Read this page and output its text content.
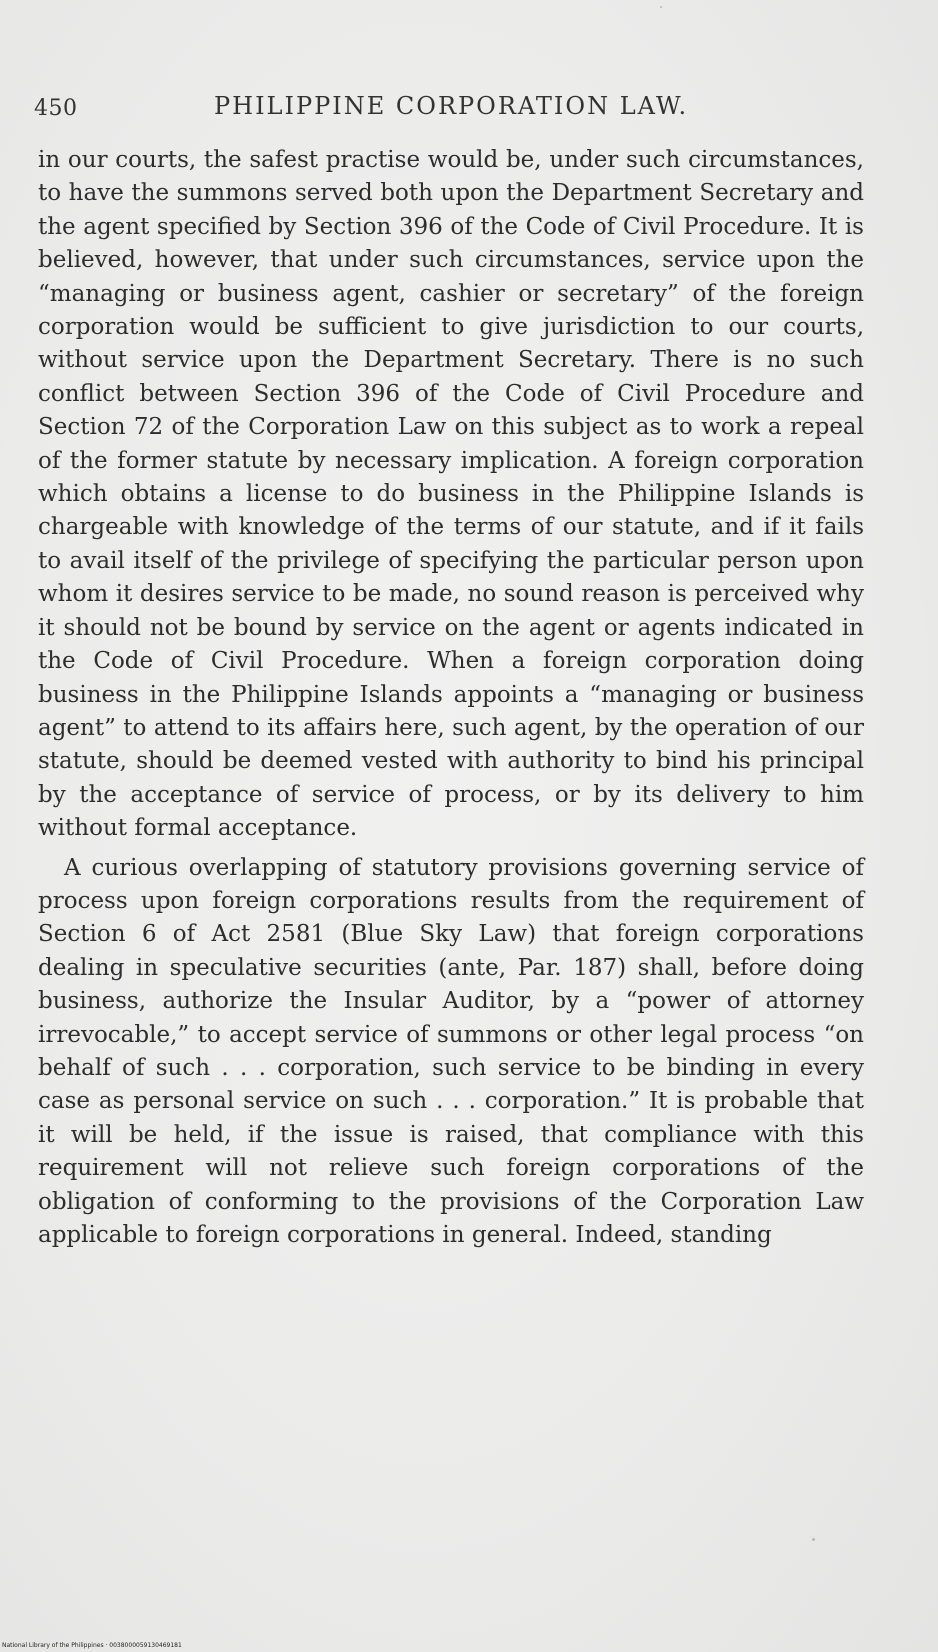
450	PHILIPPINE CORPORATION LAW.

in our courts, the safest practise would be, under such circumstances, to have the summons served both upon the Department Secretary and the agent specified by Section 396 of the Code of Civil Procedure. It is believed, however, that under such circumstances, service upon the “managing or business agent, cashier or secretary” of the foreign corporation would be sufficient to give jurisdiction to our courts, without service upon the Department Secretary. There is no such conflict between Section 396 of the Code of Civil Procedure and Section 72 of the Corporation Law on this subject as to work a repeal of the former statute by necessary implication. A foreign corporation which obtains a license to do business in the Philippine Islands is chargeable with knowledge of the terms of our statute, and if it fails to avail itself of the privilege of specifying the particular person upon whom it desires service to be made, no sound reason is perceived why it should not be bound by service on the agent or agents indicated in the Code of Civil Procedure. When a foreign corporation doing business in the Philippine Islands appoints a “managing or business agent” to attend to its affairs here, such agent, by the operation of our statute, should be deemed vested with authority to bind his principal by the acceptance of service of process, or by its delivery to him without formal acceptance.

A curious overlapping of statutory provisions governing service of process upon foreign corporations results from the requirement of Section 6 of Act 2581 (Blue Sky Law) that foreign corporations dealing in speculative securities (ante, Par. 187) shall, before doing business, authorize the Insular Auditor, by a “power of attorney irrevocable,” to accept service of summons or other legal process “on behalf of such . . . corporation, such service to be binding in every case as personal service on such . . . corporation.” It is probable that it will be held, if the issue is raised, that compliance with this requirement will not relieve such foreign corporations of the obligation of conforming to the provisions of the Corporation Law applicable to foreign corporations in general. Indeed, standing

National Library of the Philippines · 0038000059130469181
